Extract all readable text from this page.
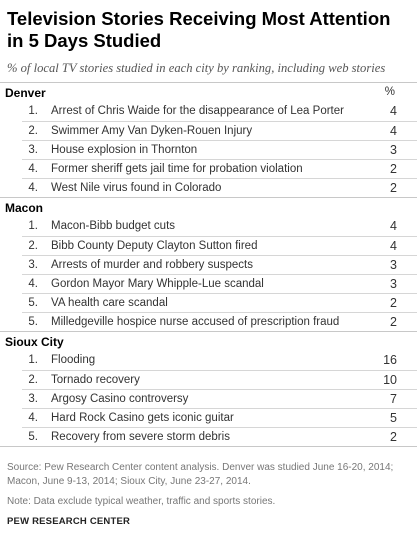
Television Stories Receiving Most Attention in 5 Days Studied
% of local TV stories studied in each city by ranking, including web stories
Denver	%
1. Arrest of Chris Waide for the disappearance of Lea Porter	4
2. Swimmer Amy Van Dyken-Rouen Injury	4
3. House explosion in Thornton	3
4. Former sheriff gets jail time for probation violation	2
4. West Nile virus found in Colorado	2
Macon
1. Macon-Bibb budget cuts	4
2. Bibb County Deputy Clayton Sutton fired	4
3. Arrests of murder and robbery suspects	3
4. Gordon Mayor Mary Whipple-Lue scandal	3
5. VA health care scandal	2
5. Milledgeville hospice nurse accused of prescription fraud	2
Sioux City
1. Flooding	16
2. Tornado recovery	10
3. Argosy Casino controversy	7
4. Hard Rock Casino gets iconic guitar	5
5. Recovery from severe storm debris	2
Source: Pew Research Center content analysis. Denver was studied June 16-20, 2014; Macon, June 9-13, 2014; Sioux City, June 23-27, 2014.
Note: Data exclude typical weather, traffic and sports stories.
PEW RESEARCH CENTER
